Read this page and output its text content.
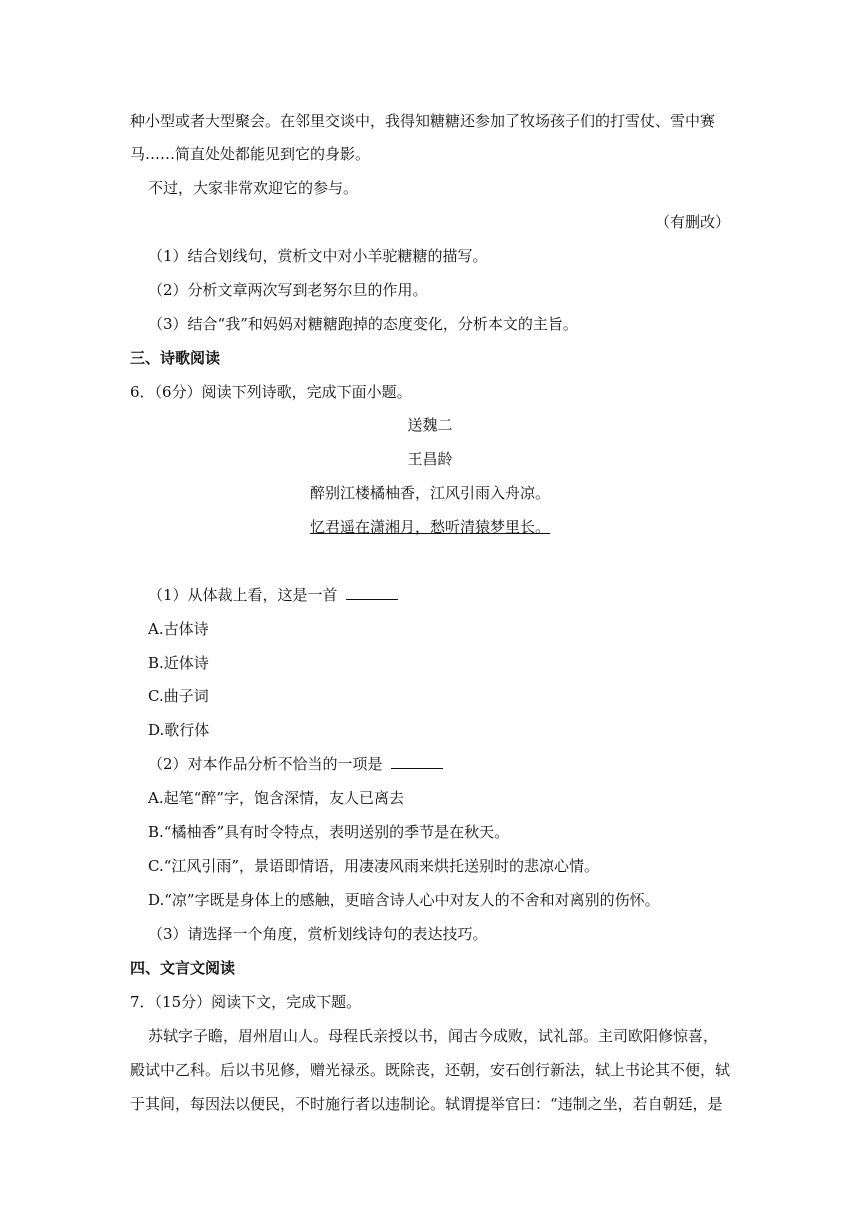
种小型或者大型聚会。在邻里交谈中，我得知糖糖还参加了牧场孩子们的打雪仗、雪中赛
马……简直处处都能见到它的身影。
不过，大家非常欢迎它的参与。
（有删改）
（1）结合划线句，赏析文中对小羊驼糖糖的描写。
（2）分析文章两次写到老努尔旦的作用。
（3）结合“我”和妈妈对糖糖跑掉的态度变化，分析本文的主旨。
三、诗歌阅读
6．（6分）阅读下列诗歌，完成下面小题。
送魏二
王昌龄
醉别江楼橘柚香，江风引雨入舟凉。
忆君遥在潇湘月，愁听清猿梦里长。
（1）从体裁上看，这是一首
A.古体诗
B.近体诗
C.曲子词
D.歌行体
（2）对本作品分析不恰当的一项是
A.起笔“醉”字，饱含深情，友人已离去
B.“橘柚香”具有时令特点，表明送别的季节是在秋天。
C.“江风引雨”，景语即情语，用凄凄风雨来烘托送别时的悲凉心情。
D.“凉”字既是身体上的感触，更暗含诗人心中对友人的不舍和对离别的伤怀。
（3）请选择一个角度，赏析划线诗句的表达技巧。
四、文言文阅读
7．（15分）阅读下文，完成下题。
苏轼字子瞻，眉州眉山人。母程氏亲授以书，闻古今成败，试礼部。主司欧阳修惊喜，
殿试中乙科。后以书见修，赠光禄丞。既除丧，还朝，安石创行新法，轼上书论其不便，轼
于其间，每因法以便民，不时施行者以违制论。轼谓提举官曰：“违制之坐，若自朝廷，是
